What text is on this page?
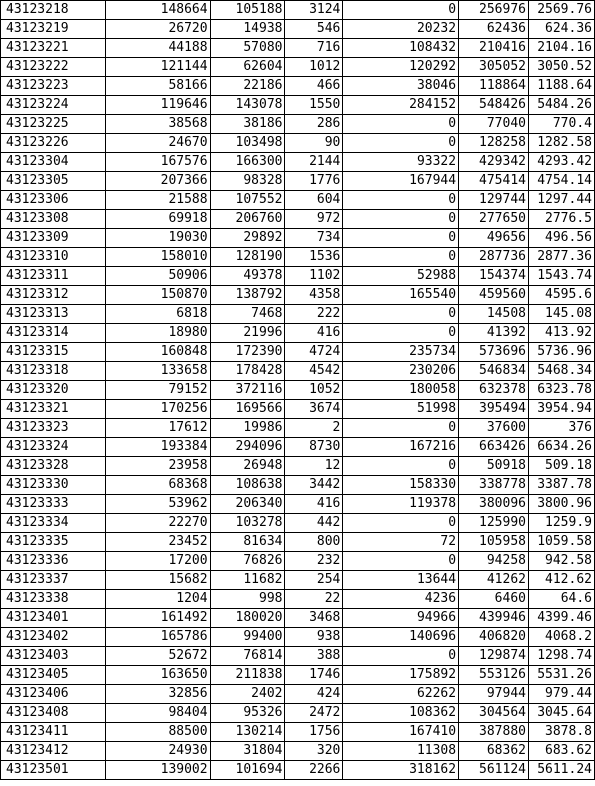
43123218	148664	105188	3124	0	256976	2569.76
43123219	26720	14938	546	20232	62436	624.36
43123221	44188	57080	716	108432	210416	2104.16
43123222	121144	62604	1012	120292	305052	3050.52
43123223	58166	22186	466	38046	118864	1188.64
43123224	119646	143078	1550	284152	548426	5484.26
43123225	38568	38186	286	0	77040	770.4
43123226	24670	103498	90	0	128258	1282.58
43123304	167576	166300	2144	93322	429342	4293.42
43123305	207366	98328	1776	167944	475414	4754.14
43123306	21588	107552	604	0	129744	1297.44
43123308	69918	206760	972	0	277650	2776.5
43123309	19030	29892	734	0	49656	496.56
43123310	158010	128190	1536	0	287736	2877.36
43123311	50906	49378	1102	52988	154374	1543.74
43123312	150870	138792	4358	165540	459560	4595.6
43123313	6818	7468	222	0	14508	145.08
43123314	18980	21996	416	0	41392	413.92
43123315	160848	172390	4724	235734	573696	5736.96
43123318	133658	178428	4542	230206	546834	5468.34
43123320	79152	372116	1052	180058	632378	6323.78
43123321	170256	169566	3674	51998	395494	3954.94
43123323	17612	19986	2	0	37600	376
43123324	193384	294096	8730	167216	663426	6634.26
43123328	23958	26948	12	0	50918	509.18
43123330	68368	108638	3442	158330	338778	3387.78
43123333	53962	206340	416	119378	380096	3800.96
43123334	22270	103278	442	0	125990	1259.9
43123335	23452	81634	800	72	105958	1059.58
43123336	17200	76826	232	0	94258	942.58
43123337	15682	11682	254	13644	41262	412.62
43123338	1204	998	22	4236	6460	64.6
43123401	161492	180020	3468	94966	439946	4399.46
43123402	165786	99400	938	140696	406820	4068.2
43123403	52672	76814	388	0	129874	1298.74
43123405	163650	211838	1746	175892	553126	5531.26
43123406	32856	2402	424	62262	97944	979.44
43123408	98404	95326	2472	108362	304564	3045.64
43123411	88500	130214	1756	167410	387880	3878.8
43123412	24930	31804	320	11308	68362	683.62
43123501	139002	101694	2266	318162	561124	5611.24
